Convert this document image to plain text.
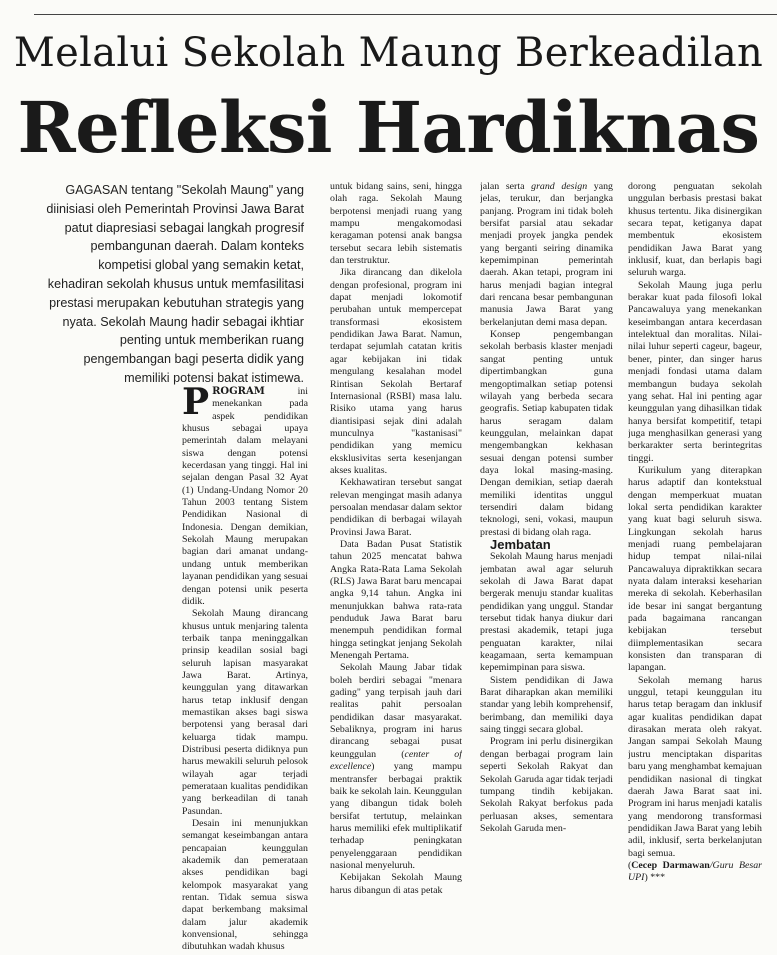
Melalui Sekolah Maung Berkeadilan
Refleksi Hardiknas

GAGASAN tentang "Sekolah Maung" yang diinisiasi oleh Pemerintah Provinsi Jawa Barat patut diapresiasi sebagai langkah progresif pembangunan daerah. Dalam konteks kompetisi global yang semakin ketat, kehadiran sekolah khusus untuk memfasilitasi prestasi merupakan kebutuhan strategis yang nyata. Sekolah Maung hadir sebagai ikhtiar penting untuk memberikan ruang pengembangan bagi peserta didik yang memiliki potensi bakat istimewa.

PROGRAM ini menekankan pada aspek pendidikan khusus sebagai upaya pemerintah dalam melayani siswa dengan potensi kecerdasan yang tinggi. Hal ini sejalan dengan Pasal 32 Ayat (1) Undang-Undang Nomor 20 Tahun 2003 tentang Sistem Pendidikan Nasional di Indonesia. Dengan demikian, Sekolah Maung merupakan bagian dari amanat undang-undang untuk memberikan layanan pendidikan yang sesuai dengan potensi unik peserta didik.

Sekolah Maung dirancang khusus untuk menjaring talenta terbaik tanpa meninggalkan prinsip keadilan sosial bagi seluruh lapisan masyarakat Jawa Barat. Artinya, keunggulan yang ditawarkan harus tetap inklusif dengan memastikan akses bagi siswa berpotensi yang berasal dari keluarga tidak mampu. Distribusi peserta didiknya pun harus mewakili seluruh pelosok wilayah agar terjadi pemerataan kualitas pendidikan yang berkeadilan di tanah Pasundan.

Desain ini menunjukkan semangat keseimbangan antara pencapaian keunggulan akademik dan pemerataan akses pendidikan bagi kelompok masyarakat yang rentan. Tidak semua siswa dapat berkembang maksimal dalam jalur akademik konvensional, sehingga dibutuhkan wadah khusus

untuk bidang sains, seni, hingga olah raga. Sekolah Maung berpotensi menjadi ruang yang mampu mengakomodasi keragaman potensi anak bangsa tersebut secara lebih sistematis dan terstruktur.

Jika dirancang dan dikelola dengan profesional, program ini dapat menjadi lokomotif perubahan untuk mempercepat transformasi ekosistem pendidikan Jawa Barat. Namun, terdapat sejumlah catatan kritis agar kebijakan ini tidak mengulang kesalahan model Rintisan Sekolah Bertaraf Internasional (RSBI) masa lalu. Risiko utama yang harus diantisipasi sejak dini adalah munculnya "kastanisasi" pendidikan yang memicu eksklusivitas serta kesenjangan akses kualitas.

Kekhawatiran tersebut sangat relevan mengingat masih adanya persoalan mendasar dalam sektor pendidikan di berbagai wilayah Provinsi Jawa Barat.

Data Badan Pusat Statistik tahun 2025 mencatat bahwa Angka Rata-Rata Lama Sekolah (RLS) Jawa Barat baru mencapai angka 9,14 tahun. Angka ini menunjukkan bahwa rata-rata penduduk Jawa Barat baru menempuh pendidikan formal hingga setingkat jenjang Sekolah Menengah Pertama.

Sekolah Maung Jabar tidak boleh berdiri sebagai "menara gading" yang terpisah jauh dari realitas pahit persoalan pendidikan dasar masyarakat. Sebaliknya, program ini harus dirancang sebagai pusat keunggulan (center of excellence) yang mampu mentransfer berbagai praktik baik ke sekolah lain. Keunggulan yang dibangun tidak boleh bersifat tertutup, melainkan harus memiliki efek multiplikatif terhadap peningkatan penyelenggaraan pendidikan nasional menyeluruh.

Kebijakan Sekolah Maung harus dibangun di atas petak

jalan serta grand design yang jelas, terukur, dan berjangka panjang. Program ini tidak boleh bersifat parsial atau sekadar menjadi proyek jangka pendek yang berganti seiring dinamika kepemimpinan pemerintah daerah. Akan tetapi, program ini harus menjadi bagian integral dari rencana besar pembangunan manusia Jawa Barat yang berkelanjutan demi masa depan.

Konsep pengembangan sekolah berbasis klaster menjadi sangat penting untuk dipertimbangkan guna mengoptimalkan setiap potensi wilayah yang berbeda secara geografis. Setiap kabupaten tidak harus seragam dalam keunggulan, melainkan dapat mengembangkan kekhasan sesuai dengan potensi sumber daya lokal masing-masing. Dengan demikian, setiap daerah memiliki identitas unggul tersendiri dalam bidang teknologi, seni, vokasi, maupun prestasi di bidang olah raga.

Jembatan

Sekolah Maung harus menjadi jembatan awal agar seluruh sekolah di Jawa Barat dapat bergerak menuju standar kualitas pendidikan yang unggul. Standar tersebut tidak hanya diukur dari prestasi akademik, tetapi juga penguatan karakter, nilai keagamaan, serta kemampuan kepemimpinan para siswa.

Sistem pendidikan di Jawa Barat diharapkan akan memiliki standar yang lebih komprehensif, berimbang, dan memiliki daya saing tinggi secara global.

Program ini perlu disinergikan dengan berbagai program lain seperti Sekolah Rakyat dan Sekolah Garuda agar tidak terjadi tumpang tindih kebijakan. Sekolah Rakyat berfokus pada perluasan akses, sementara Sekolah Garuda men-

dorong penguatan sekolah unggulan berbasis prestasi bakat khusus tertentu. Jika disinergikan secara tepat, ketiganya dapat membentuk ekosistem pendidikan Jawa Barat yang inklusif, kuat, dan berlapis bagi seluruh warga.

Sekolah Maung juga perlu berakar kuat pada filosofi lokal Pancawaluya yang menekankan keseimbangan antara kecerdasan intelektual dan moralitas. Nilai-nilai luhur seperti cageur, bageur, bener, pinter, dan singer harus menjadi fondasi utama dalam membangun budaya sekolah yang sehat. Hal ini penting agar keunggulan yang dihasilkan tidak hanya bersifat kompetitif, tetapi juga menghasilkan generasi yang berkarakter serta berintegritas tinggi.

Kurikulum yang diterapkan harus adaptif dan kontekstual dengan memperkuat muatan lokal serta pendidikan karakter yang kuat bagi seluruh siswa. Lingkungan sekolah harus menjadi ruang pembelajaran hidup tempat nilai-nilai Pancawaluya dipraktikkan secara nyata dalam interaksi keseharian mereka di sekolah. Keberhasilan ide besar ini sangat bergantung pada bagaimana rancangan kebijakan tersebut diimplementasikan secara konsisten dan transparan di lapangan.

Sekolah memang harus unggul, tetapi keunggulan itu harus tetap beragam dan inklusif agar kualitas pendidikan dapat dirasakan merata oleh rakyat. Jangan sampai Sekolah Maung justru menciptakan disparitas baru yang menghambat kemajuan pendidikan nasional di tingkat daerah Jawa Barat saat ini. Program ini harus menjadi katalis yang mendorong transformasi pendidikan Jawa Barat yang lebih adil, inklusif, serta berkelanjutan bagi semua.

(Cecep Darmawan/Guru Besar UPI) ***
